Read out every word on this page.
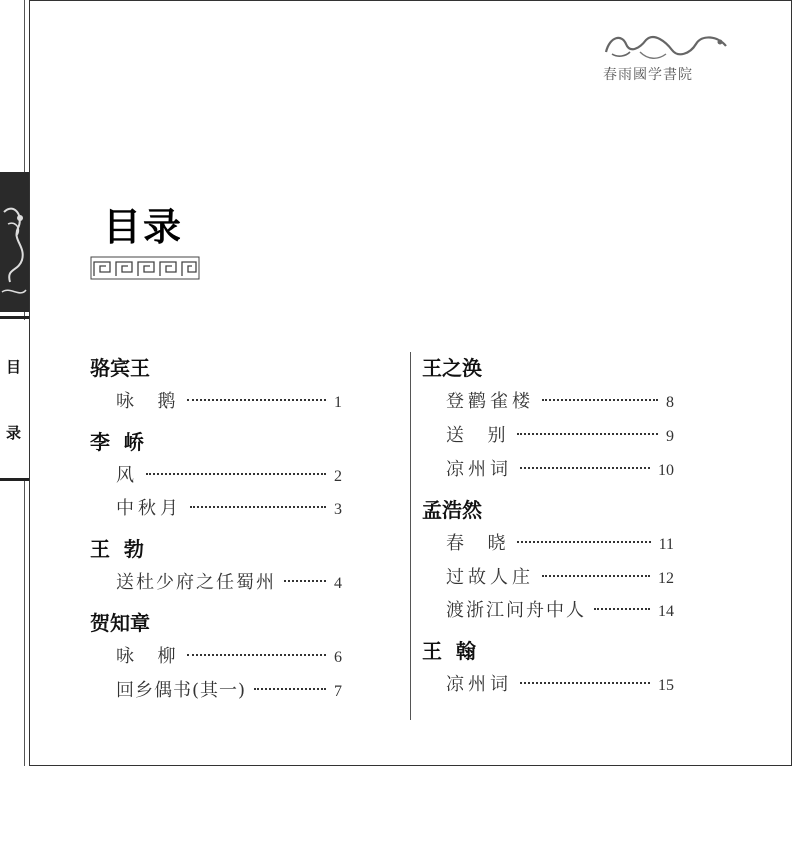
目
录
春雨國学書院
目录
骆宾王
咏  鹅	1
李  峤
风	2
中秋月	3
王  勃
送杜少府之任蜀州	4
贺知章
咏  柳	6
回乡偶书(其一)	7
王之涣
登鹳雀楼	8
送  别	9
凉州词	10
孟浩然
春  晓	11
过故人庄	12
渡浙江问舟中人	14
王  翰
凉州词	15
